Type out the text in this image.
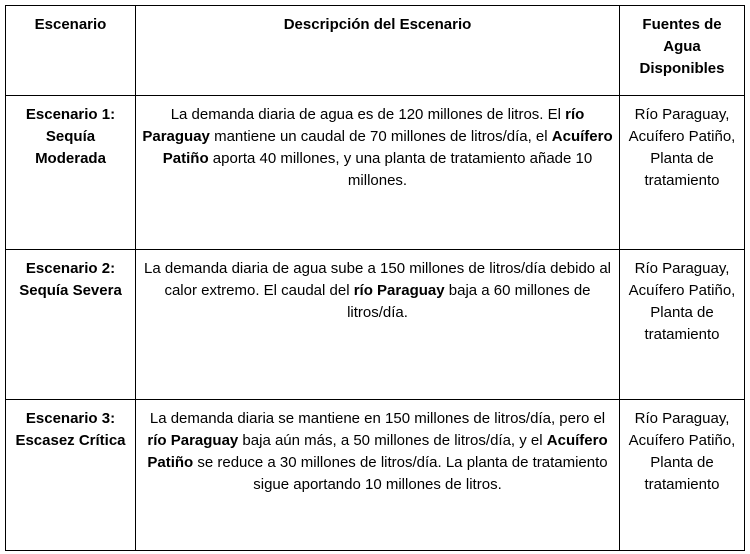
Escenario	Descripción del Escenario	Fuentes de Agua Disponibles
Escenario 1: Sequía Moderada	La demanda diaria de agua es de 120 millones de litros. El río Paraguay mantiene un caudal de 70 millones de litros/día, el Acuífero Patiño aporta 40 millones, y una planta de tratamiento añade 10 millones.	Río Paraguay, Acuífero Patiño, Planta de tratamiento
Escenario 2: Sequía Severa	La demanda diaria de agua sube a 150 millones de litros/día debido al calor extremo. El caudal del río Paraguay baja a 60 millones de litros/día.	Río Paraguay, Acuífero Patiño, Planta de tratamiento
Escenario 3: Escasez Crítica	La demanda diaria se mantiene en 150 millones de litros/día, pero el río Paraguay baja aún más, a 50 millones de litros/día, y el Acuífero Patiño se reduce a 30 millones de litros/día. La planta de tratamiento sigue aportando 10 millones de litros.	Río Paraguay, Acuífero Patiño, Planta de tratamiento
